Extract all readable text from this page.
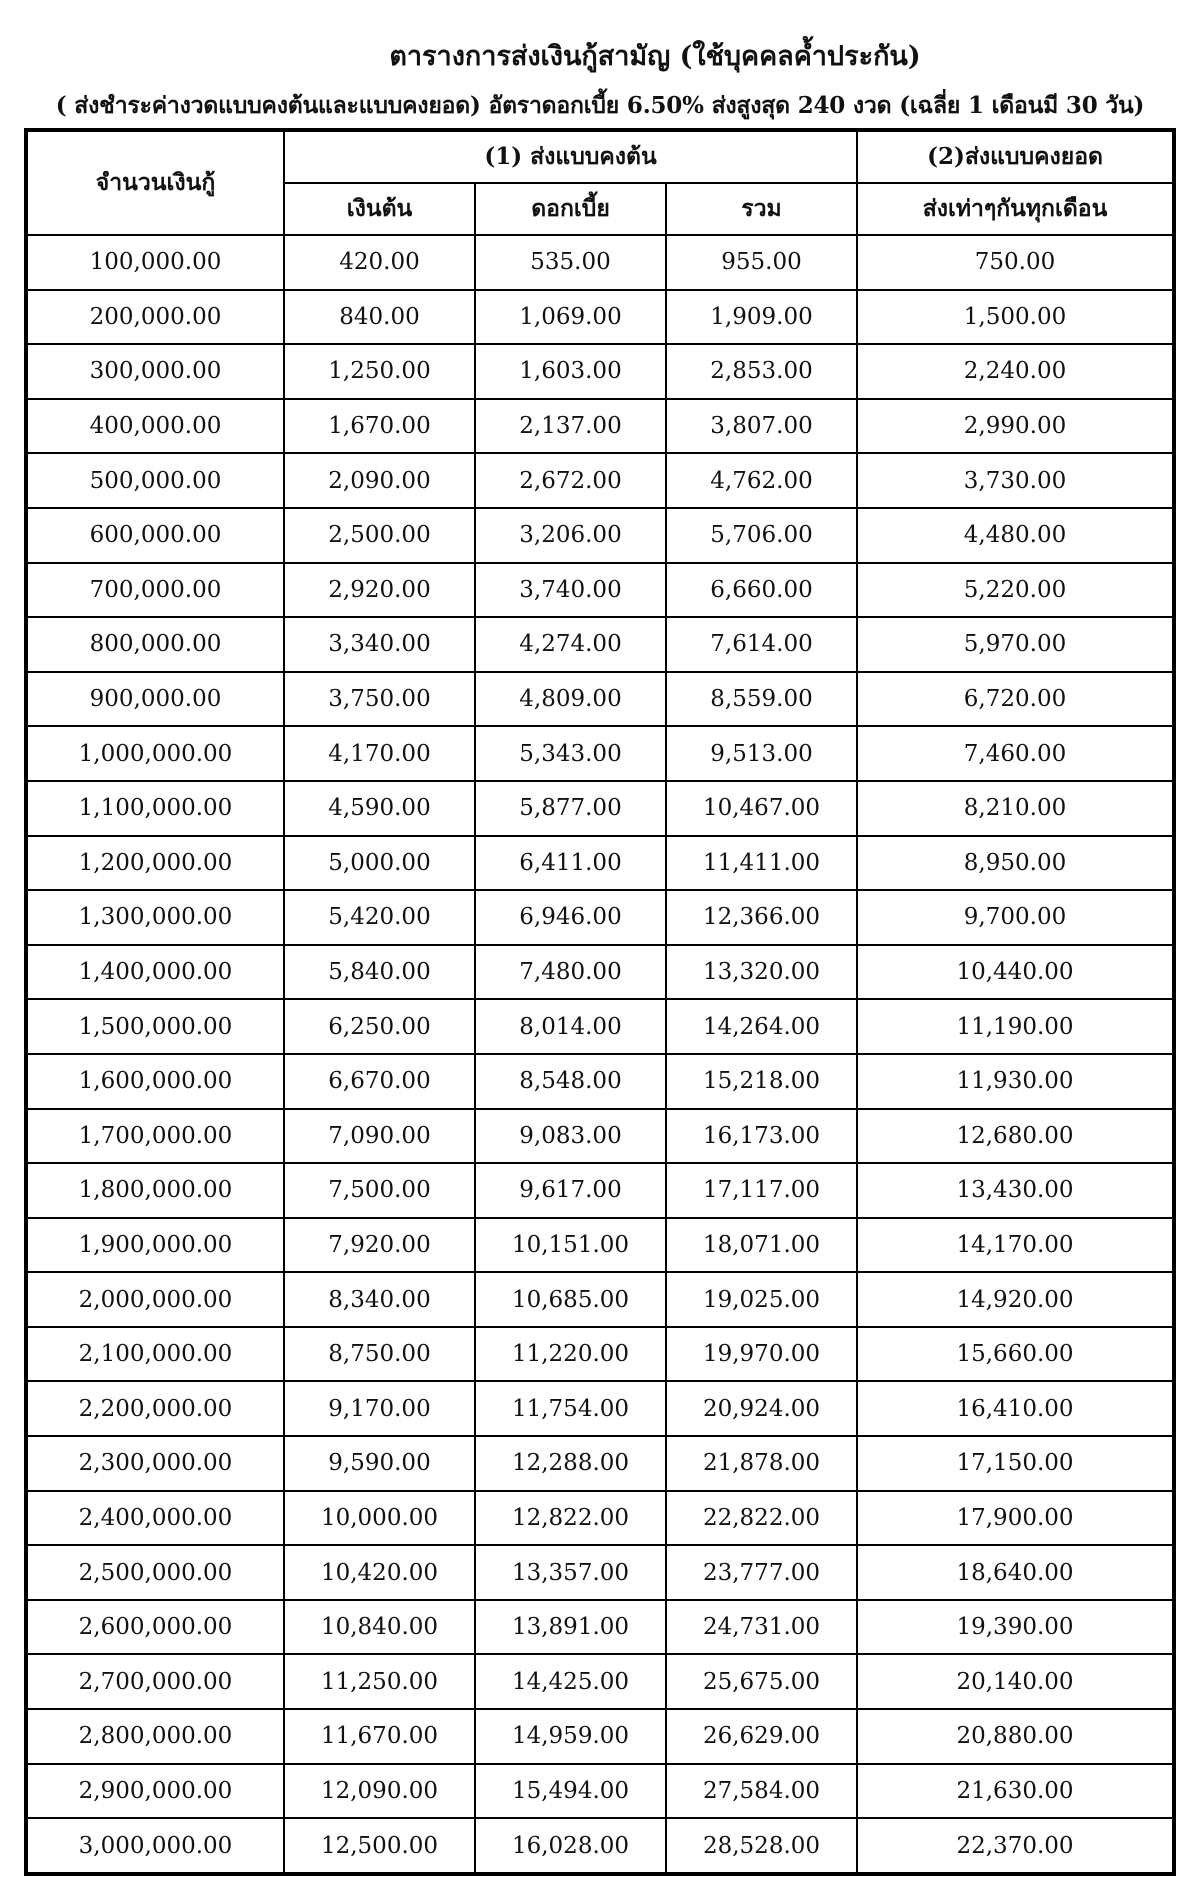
ตารางการส่งเงินกู้สามัญ (ใช้บุคคลค้ำประกัน)
( ส่งชำระค่างวดแบบคงต้นและแบบคงยอด) อัตราดอกเบี้ย 6.50% ส่งสูงสุด 240 งวด (เฉลี่ย 1 เดือนมี 30 วัน)
จำนวนเงินกู้	(1) ส่งแบบคงต้น			(2)ส่งแบบคงยอด
	เงินต้น	ดอกเบี้ย	รวม	ส่งเท่าๆกันทุกเดือน
100,000.00	420.00	535.00	955.00	750.00
200,000.00	840.00	1,069.00	1,909.00	1,500.00
300,000.00	1,250.00	1,603.00	2,853.00	2,240.00
400,000.00	1,670.00	2,137.00	3,807.00	2,990.00
500,000.00	2,090.00	2,672.00	4,762.00	3,730.00
600,000.00	2,500.00	3,206.00	5,706.00	4,480.00
700,000.00	2,920.00	3,740.00	6,660.00	5,220.00
800,000.00	3,340.00	4,274.00	7,614.00	5,970.00
900,000.00	3,750.00	4,809.00	8,559.00	6,720.00
1,000,000.00	4,170.00	5,343.00	9,513.00	7,460.00
1,100,000.00	4,590.00	5,877.00	10,467.00	8,210.00
1,200,000.00	5,000.00	6,411.00	11,411.00	8,950.00
1,300,000.00	5,420.00	6,946.00	12,366.00	9,700.00
1,400,000.00	5,840.00	7,480.00	13,320.00	10,440.00
1,500,000.00	6,250.00	8,014.00	14,264.00	11,190.00
1,600,000.00	6,670.00	8,548.00	15,218.00	11,930.00
1,700,000.00	7,090.00	9,083.00	16,173.00	12,680.00
1,800,000.00	7,500.00	9,617.00	17,117.00	13,430.00
1,900,000.00	7,920.00	10,151.00	18,071.00	14,170.00
2,000,000.00	8,340.00	10,685.00	19,025.00	14,920.00
2,100,000.00	8,750.00	11,220.00	19,970.00	15,660.00
2,200,000.00	9,170.00	11,754.00	20,924.00	16,410.00
2,300,000.00	9,590.00	12,288.00	21,878.00	17,150.00
2,400,000.00	10,000.00	12,822.00	22,822.00	17,900.00
2,500,000.00	10,420.00	13,357.00	23,777.00	18,640.00
2,600,000.00	10,840.00	13,891.00	24,731.00	19,390.00
2,700,000.00	11,250.00	14,425.00	25,675.00	20,140.00
2,800,000.00	11,670.00	14,959.00	26,629.00	20,880.00
2,900,000.00	12,090.00	15,494.00	27,584.00	21,630.00
3,000,000.00	12,500.00	16,028.00	28,528.00	22,370.00
